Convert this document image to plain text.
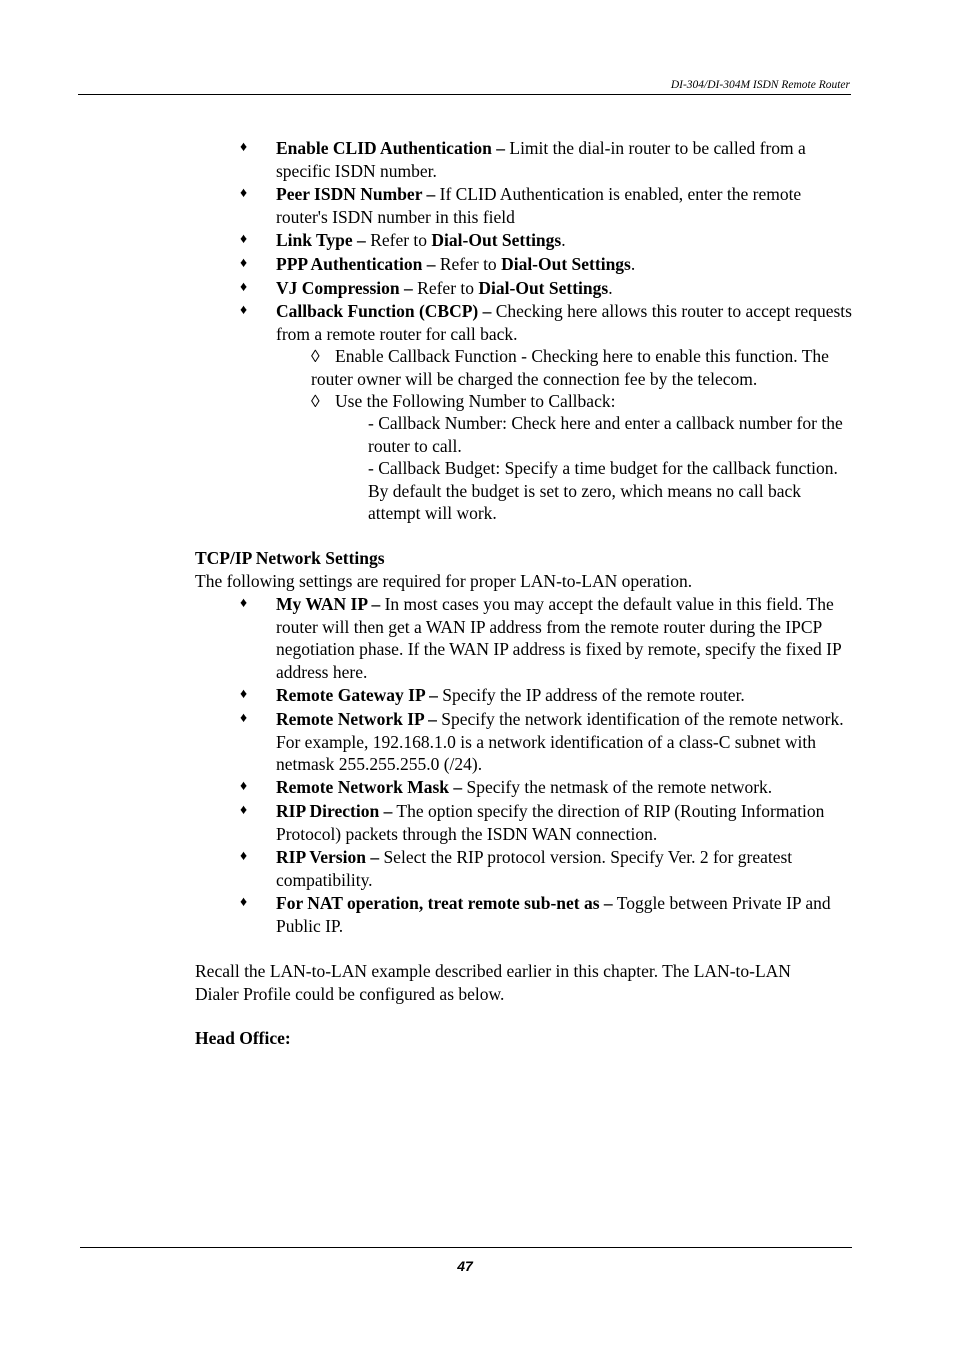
DI-304/DI-304M ISDN Remote Router
♦ Enable CLID Authentication – Limit the dial-in router to be called from a specific ISDN number.
♦ Peer ISDN Number – If CLID Authentication is enabled, enter the remote router's ISDN number in this field
♦ Link Type – Refer to Dial-Out Settings.
♦ PPP Authentication – Refer to Dial-Out Settings.
♦ VJ Compression – Refer to Dial-Out Settings.
♦ Callback Function (CBCP) – Checking here allows this router to accept requests from a remote router for call back.
◊ Enable Callback Function - Checking here to enable this function. The router owner will be charged the connection fee by the telecom.
◊ Use the Following Number to Callback:
- Callback Number: Check here and enter a callback number for the router to call.
- Callback Budget: Specify a time budget for the callback function. By default the budget is set to zero, which means no call back attempt will work.
TCP/IP Network Settings
The following settings are required for proper LAN-to-LAN operation.
♦ My WAN IP – In most cases you may accept the default value in this field. The router will then get a WAN IP address from the remote router during the IPCP negotiation phase. If the WAN IP address is fixed by remote, specify the fixed IP address here.
♦ Remote Gateway IP – Specify the IP address of the remote router.
♦ Remote Network IP – Specify the network identification of the remote network. For example, 192.168.1.0 is a network identification of a class-C subnet with netmask 255.255.255.0 (/24).
♦ Remote Network Mask – Specify the netmask of the remote network.
♦ RIP Direction – The option specify the direction of RIP (Routing Information Protocol) packets through the ISDN WAN connection.
♦ RIP Version – Select the RIP protocol version. Specify Ver. 2 for greatest compatibility.
♦ For NAT operation, treat remote sub-net as – Toggle between Private IP and Public IP.
Recall the LAN-to-LAN example described earlier in this chapter. The LAN-to-LAN Dialer Profile could be configured as below.
Head Office:
47
